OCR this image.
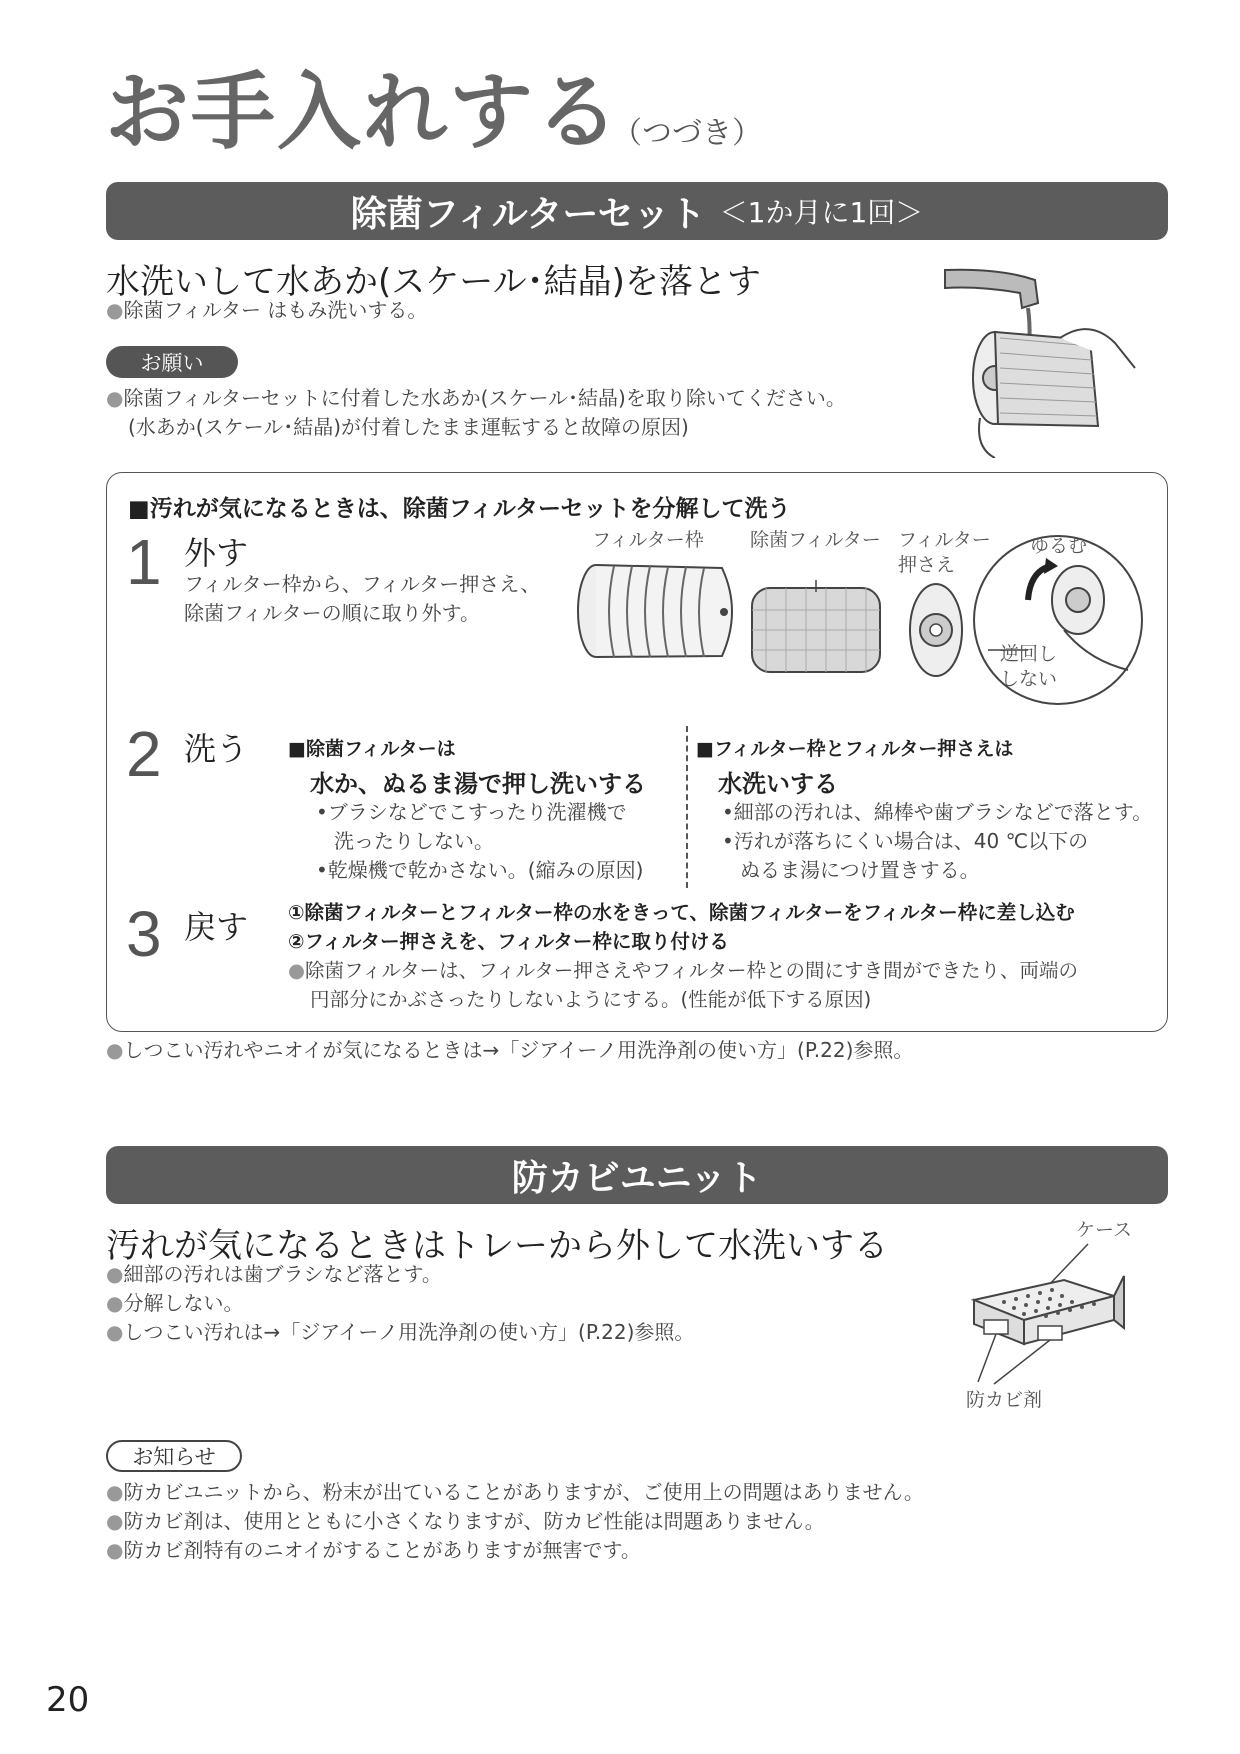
お手入れする
（つづき）
除菌フィルターセット ＜1か月に1回＞
水洗いして水あか(スケール･結晶)を落とす
●除菌フィルター はもみ洗いする。
お願い
●除菌フィルターセットに付着した水あか(スケール･結晶)を取り除いてください。
(水あか(スケール･結晶)が付着したまま運転すると故障の原因)
■汚れが気になるときは、除菌フィルターセットを分解して洗う
1 外す
フィルター枠から、フィルター押さえ、
除菌フィルターの順に取り外す。
フィルター枠 除菌フィルター フィルター
押さえ
ゆるむ
逆回し
しない
2 洗う ■除菌フィルターは
水か、ぬるま湯で押し洗いする
•ブラシなどでこすったり洗濯機で
洗ったりしない。
•乾燥機で乾かさない。(縮みの原因)
■フィルター枠とフィルター押さえは
水洗いする
•細部の汚れは、綿棒や歯ブラシなどで落とす。
•汚れが落ちにくい場合は、40 ℃以下の
ぬるま湯につけ置きする。
3 戻す ①除菌フィルターとフィルター枠の水をきって、除菌フィルターをフィルター枠に差し込む
②フィルター押さえを、フィルター枠に取り付ける
●除菌フィルターは、フィルター押さえやフィルター枠との間にすき間ができたり、両端の
円部分にかぶさったりしないようにする。(性能が低下する原因)
●しつこい汚れやニオイが気になるときは→「ジアイーノ用洗浄剤の使い方」(P.22)参照。
防カビユニット
汚れが気になるときはトレーから外して水洗いする
●細部の汚れは歯ブラシなど落とす。
●分解しない。
●しつこい汚れは→「ジアイーノ用洗浄剤の使い方」(P.22)参照。
ケース
防カビ剤
お知らせ
●防カビユニットから、粉末が出ていることがありますが、ご使用上の問題はありません。
●防カビ剤は、使用とともに小さくなりますが、防カビ性能は問題ありません。
●防カビ剤特有のニオイがすることがありますが無害です。
20
